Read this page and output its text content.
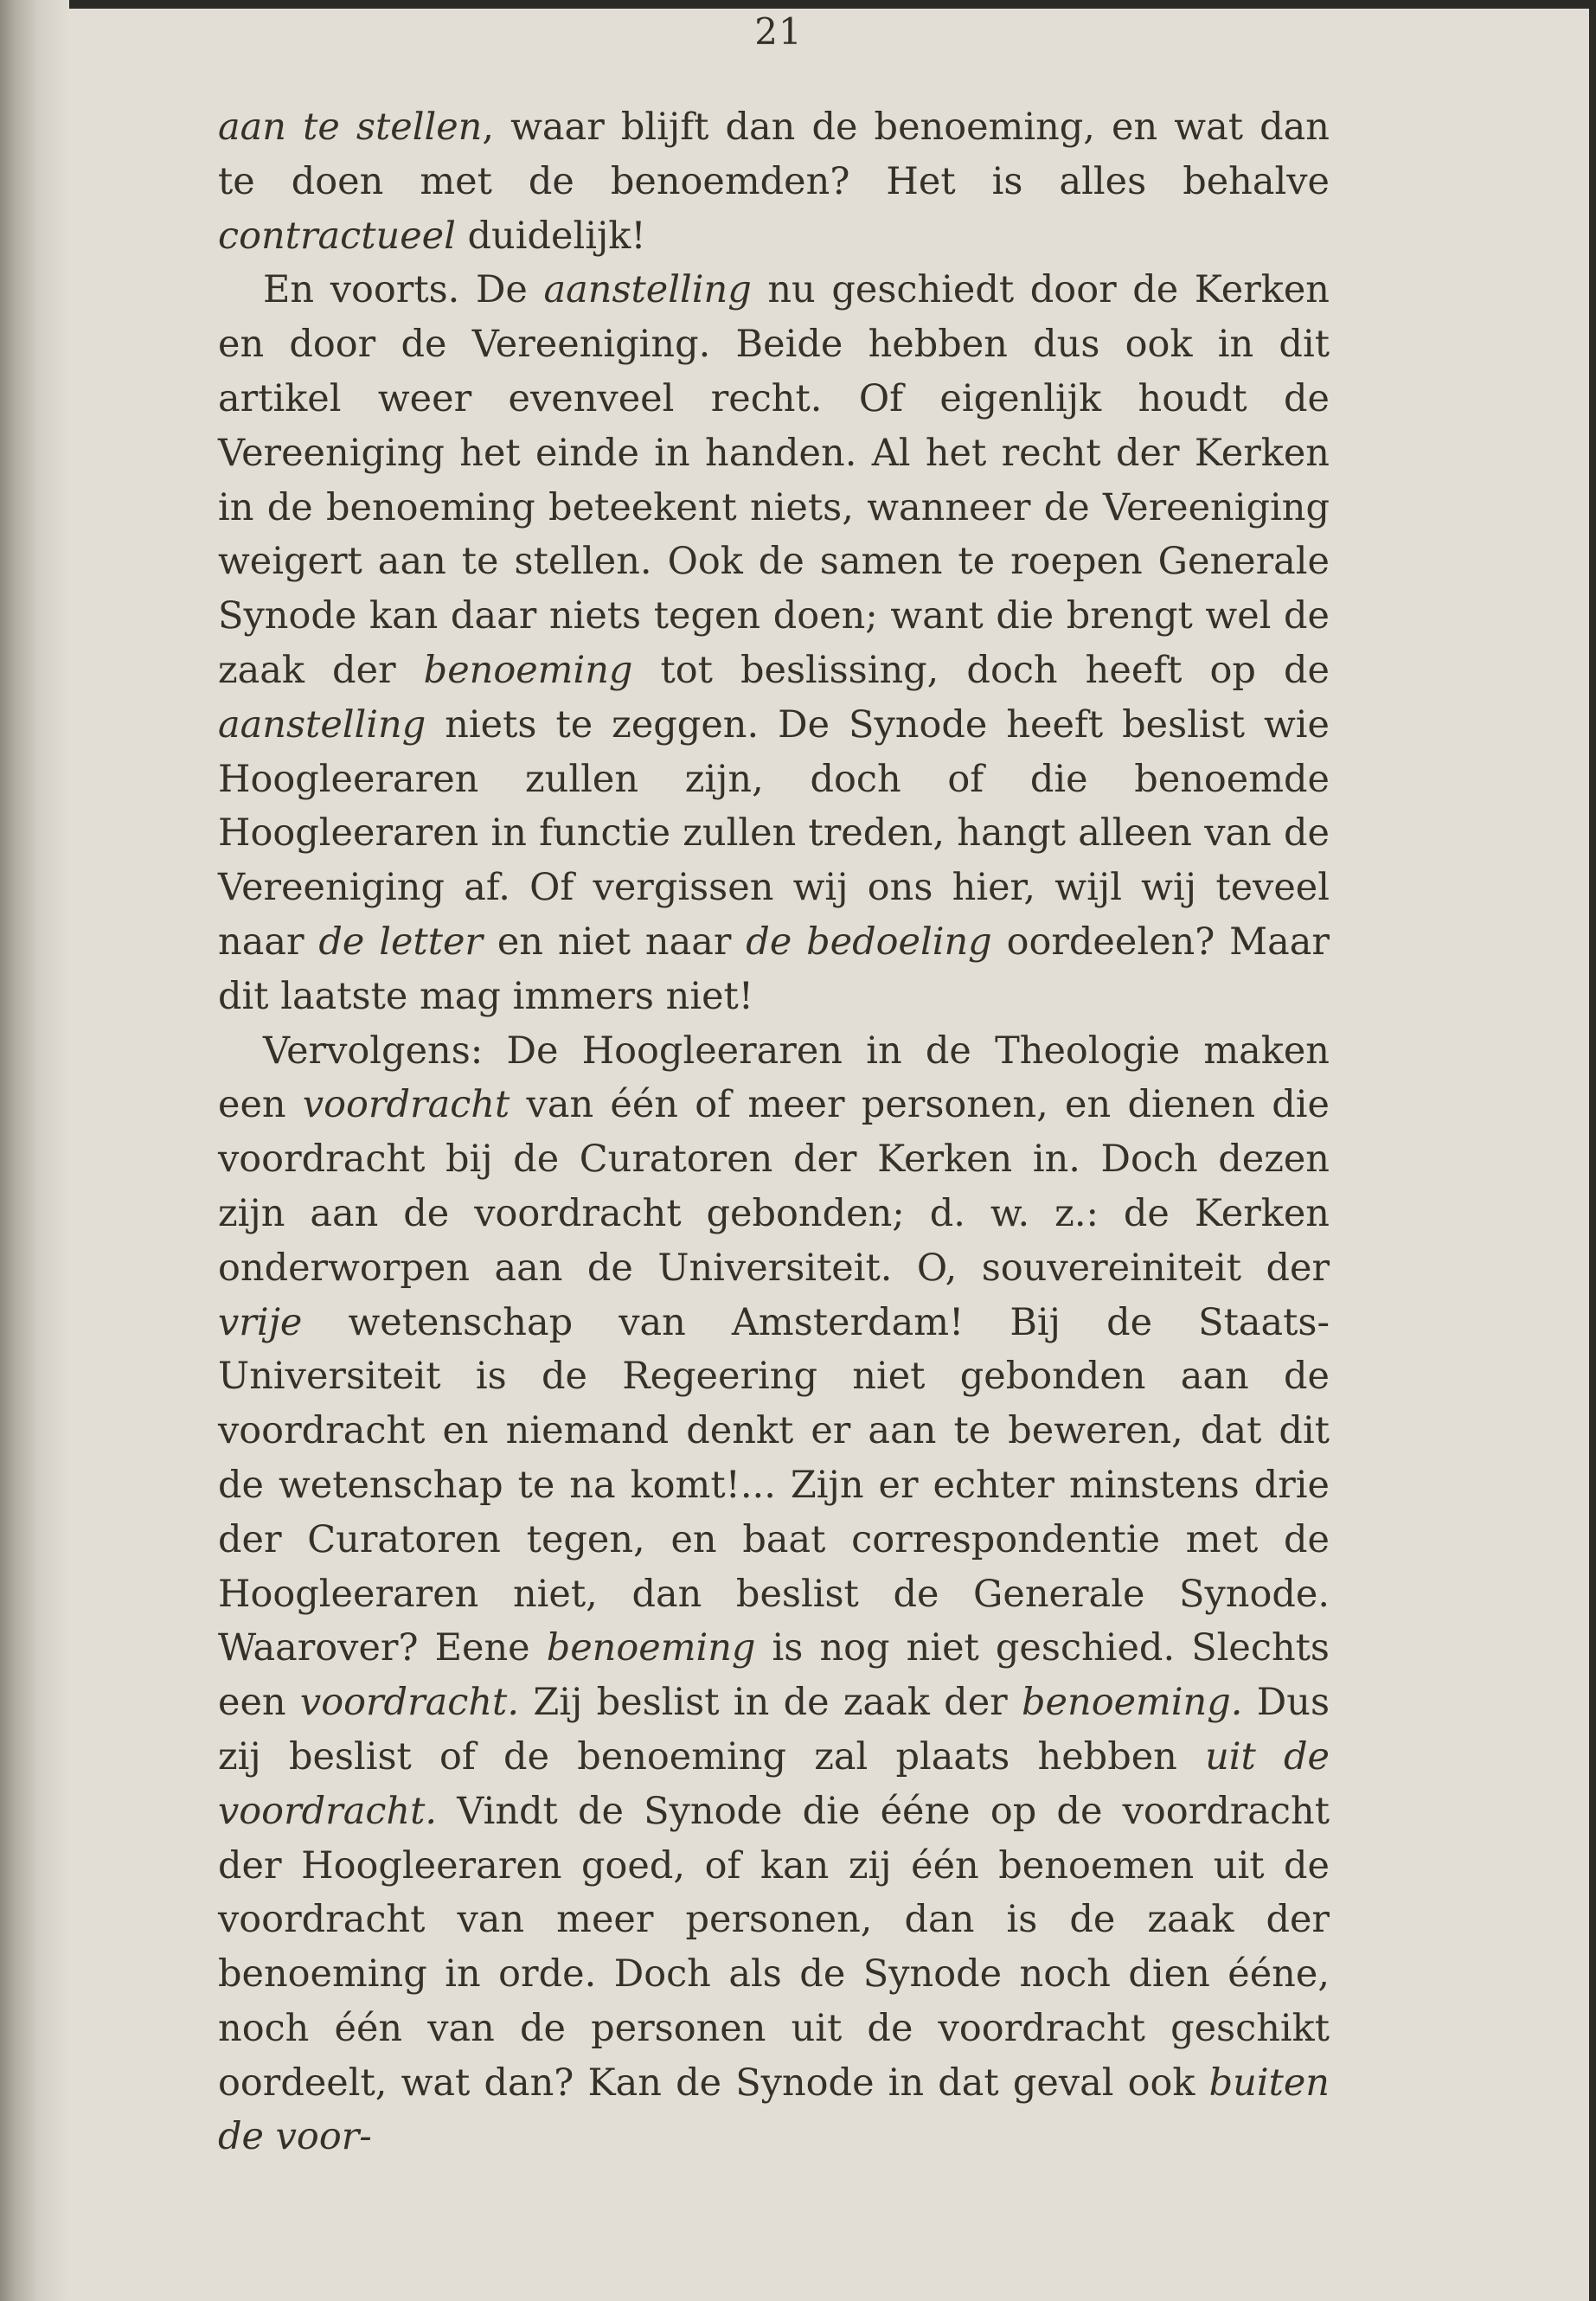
21

aan te stellen, waar blijft dan de benoeming, en wat dan te doen met de benoemden? Het is alles behalve contractueel duidelijk!

En voorts. De aanstelling nu geschiedt door de Kerken en door de Vereeniging. Beide hebben dus ook in dit artikel weer evenveel recht. Of eigenlijk houdt de Vereeniging het einde in handen. Al het recht der Kerken in de benoeming beteekent niets, wanneer de Vereeniging weigert aan te stellen. Ook de samen te roepen Generale Synode kan daar niets tegen doen; want die brengt wel de zaak der benoeming tot beslissing, doch heeft op de aanstelling niets te zeggen. De Synode heeft beslist wie Hoogleeraren zullen zijn, doch of die benoemde Hoogleeraren in functie zullen treden, hangt alleen van de Vereeniging af. Of vergissen wij ons hier, wijl wij teveel naar de letter en niet naar de bedoeling oordeelen? Maar dit laatste mag immers niet!

Vervolgens: De Hoogleeraren in de Theologie maken een voordracht van één of meer personen, en dienen die voordracht bij de Curatoren der Kerken in. Doch dezen zijn aan de voordracht gebonden; d. w. z.: de Kerken onderworpen aan de Universiteit. O, souvereiniteit der vrije wetenschap van Amsterdam! Bij de Staats-Universiteit is de Regeering niet gebonden aan de voordracht en niemand denkt er aan te beweren, dat dit de wetenschap te na komt!... Zijn er echter minstens drie der Curatoren tegen, en baat correspondentie met de Hoogleeraren niet, dan beslist de Generale Synode. Waarover? Eene benoeming is nog niet geschied. Slechts een voordracht. Zij beslist in de zaak der benoeming. Dus zij beslist of de benoeming zal plaats hebben uit de voordracht. Vindt de Synode die ééne op de voordracht der Hoogleeraren goed, of kan zij één benoemen uit de voordracht van meer personen, dan is de zaak der benoeming in orde. Doch als de Synode noch dien ééne, noch één van de personen uit de voordracht geschikt oordeelt, wat dan? Kan de Synode in dat geval ook buiten de voor-
